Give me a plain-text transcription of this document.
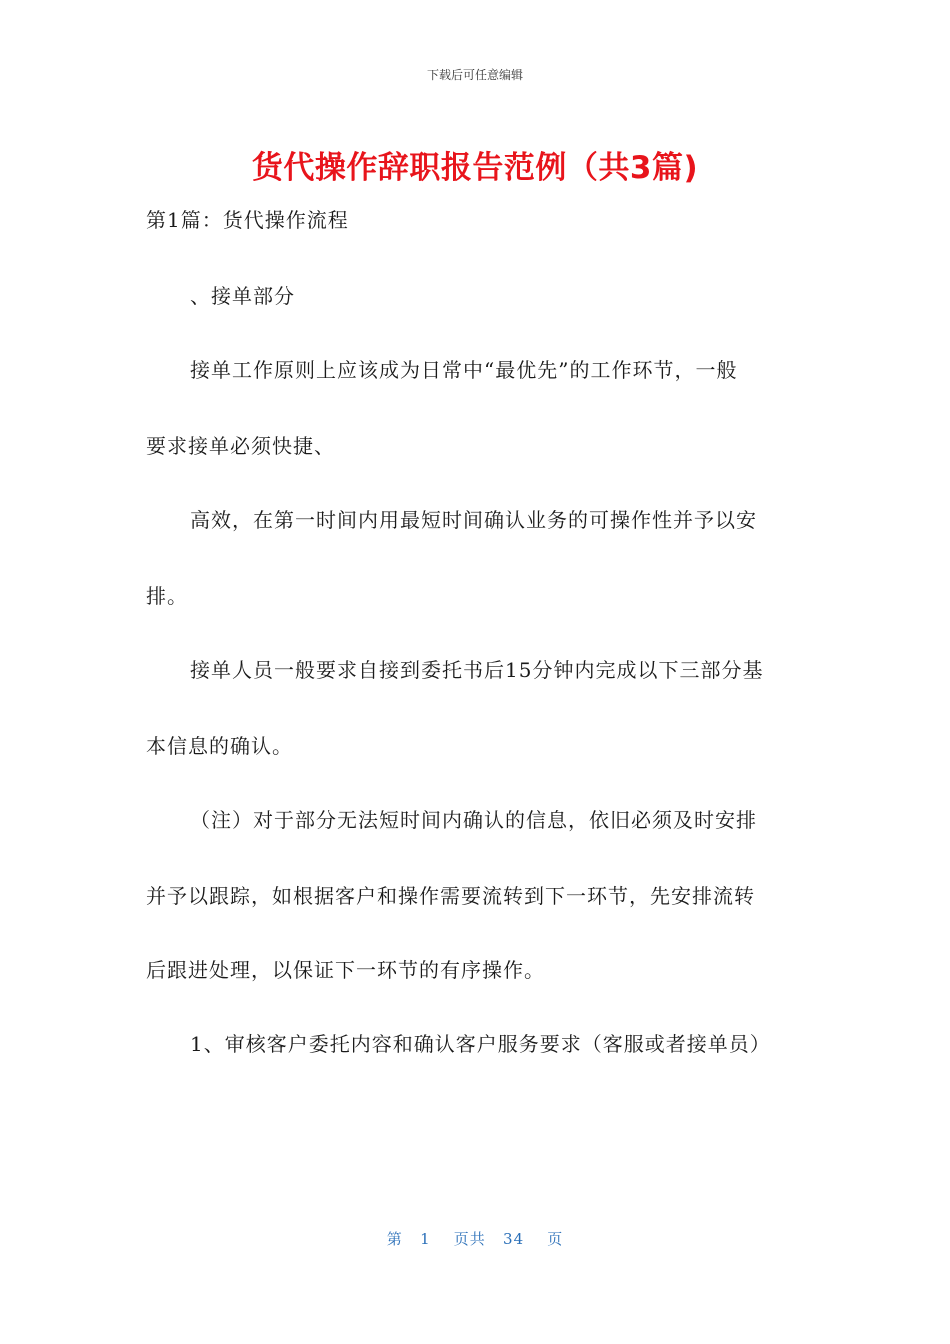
下载后可任意编辑
货代操作辞职报告范例（共3篇)

第1篇：货代操作流程

、接单部分

接单工作原则上应该成为日常中“最优先”的工作环节，一般

要求接单必须快捷、

高效，在第一时间内用最短时间确认业务的可操作性并予以安

排。

接单人员一般要求自接到委托书后15分钟内完成以下三部分基

本信息的确认。

（注）对于部分无法短时间内确认的信息，依旧必须及时安排

并予以跟踪，如根据客户和操作需要流转到下一环节，先安排流转

后跟进处理，以保证下一环节的有序操作。

1、审核客户委托内容和确认客户服务要求（客服或者接单员）

第 1 页共 34 页
